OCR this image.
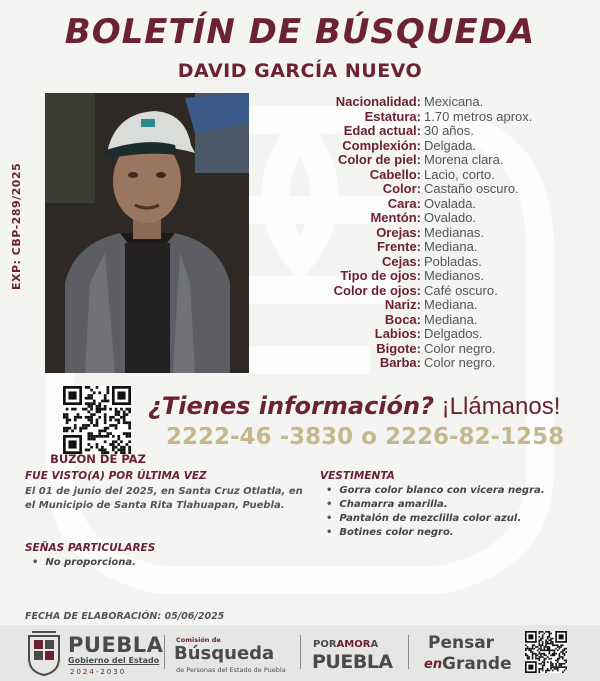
BOLETÍN DE BÚSQUEDA
DAVID GARCÍA NUEVO
EXP: CBP-289/2025
Nacionalidad: Mexicana.
Estatura: 1.70 metros aprox.
Edad actual: 30 años.
Complexión: Delgada.
Color de piel: Morena clara.
Cabello: Lacio, corto.
Color: Castaño oscuro.
Cara: Ovalada.
Mentón: Ovalado.
Orejas: Medianas.
Frente: Mediana.
Cejas: Pobladas.
Tipo de ojos: Medianos.
Color de ojos: Café oscuro.
Nariz: Mediana.
Boca: Mediana.
Labios: Delgados.
Bigote: Color negro.
Barba: Color negro.
BUZÓN DE PAZ
¿Tienes información? ¡Llámanos!
2222-46 -3830 o 2226-82-1258
FUE VISTO(A) POR ÚLTIMA VEZ
El 01 de junio del 2025, en Santa Cruz Otlatla, en
el Municipio de Santa Rita Tlahuapan, Puebla.
VESTIMENTA
• Gorra color blanco con vicera negra.
• Chamarra amarilla.
• Pantalón de mezclilla color azul.
• Botines color negro.
SEÑAS PARTICULARES
• No proporciona.
FECHA DE ELABORACIÓN: 05/06/2025
PUEBLA
Gobierno del Estado
2024-2030
Comisión de
Búsqueda
de Personas del Estado de Puebla
PORAMORA
PUEBLA
Pensar
en Grande
